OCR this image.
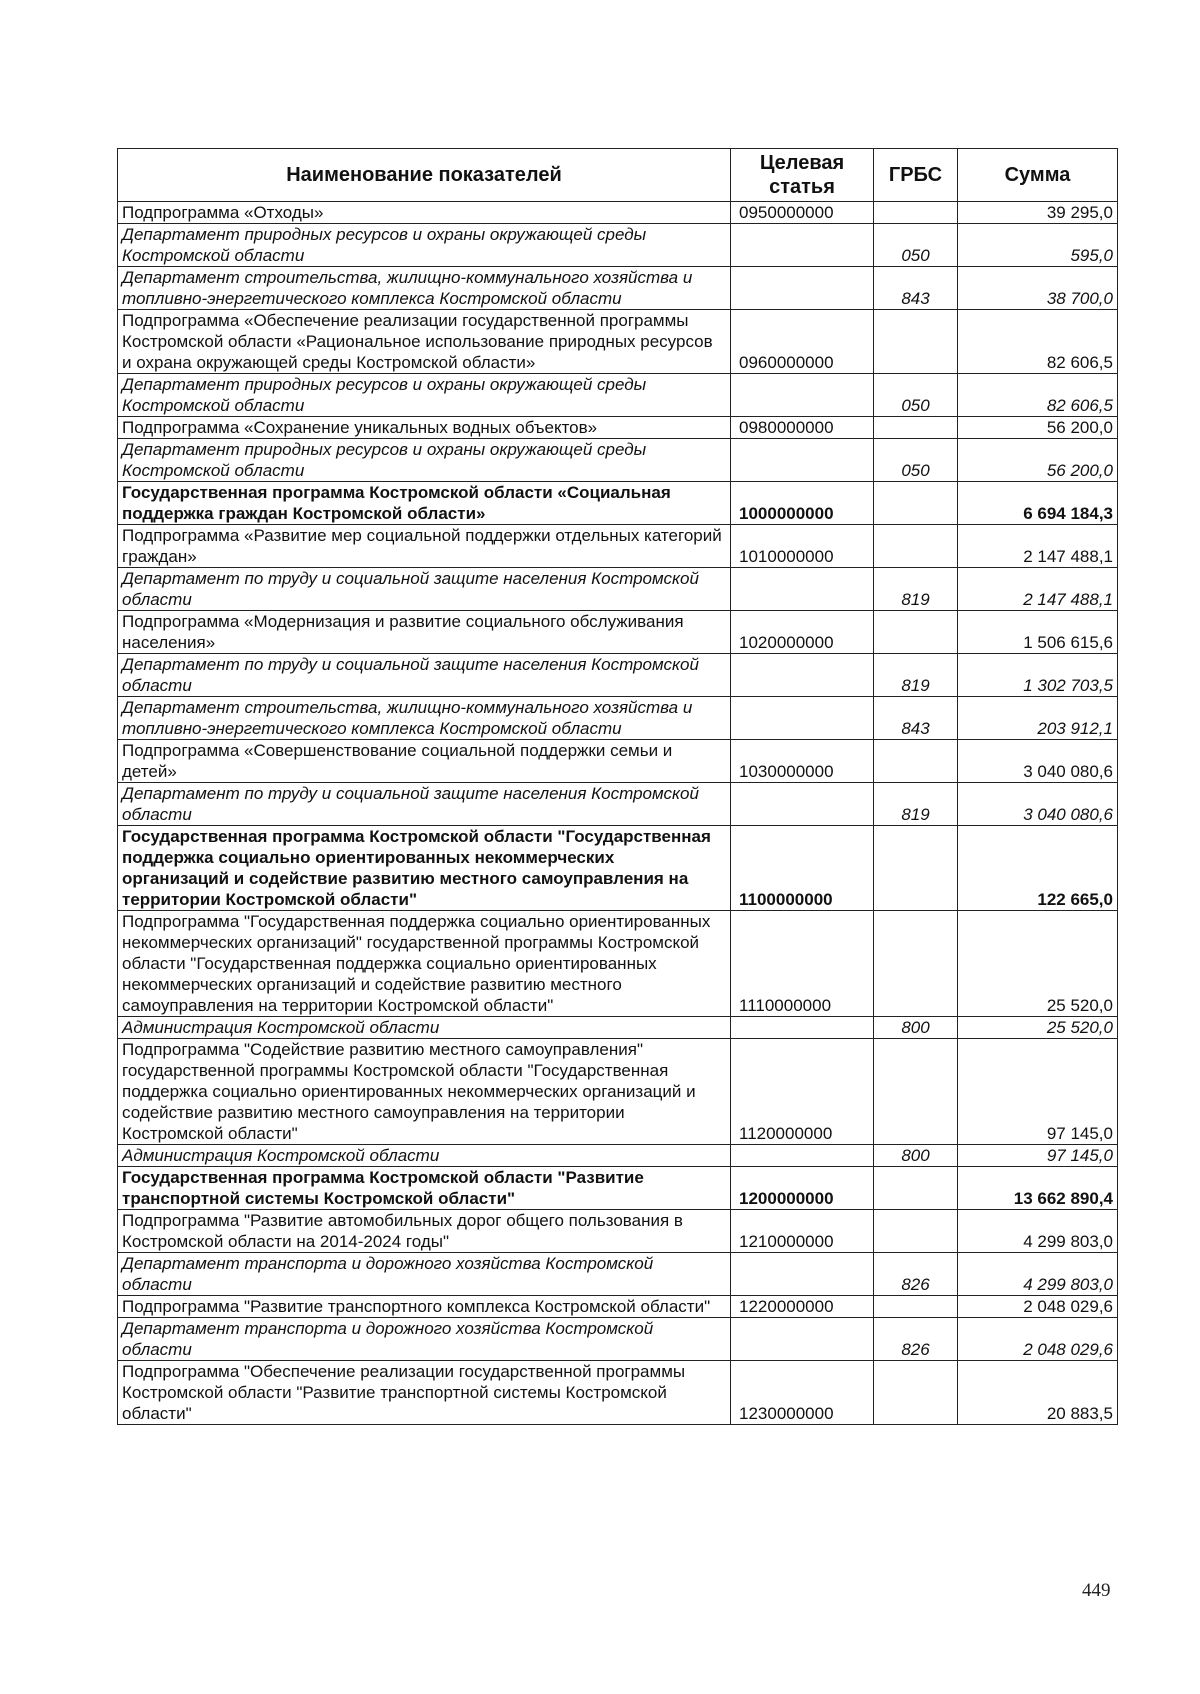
Наименование показателей	Целевая статья	ГРБС	Сумма
Подпрограмма «Отходы»	0950000000		39 295,0
Департамент природных ресурсов и охраны окружающей среды Костромской области		050	595,0
Департамент строительства, жилищно-коммунального хозяйства и топливно-энергетического комплекса Костромской области		843	38 700,0
Подпрограмма «Обеспечение реализации государственной программы Костромской области «Рациональное использование природных ресурсов и охрана окружающей среды Костромской области»	0960000000		82 606,5
Департамент природных ресурсов и охраны окружающей среды Костромской области		050	82 606,5
Подпрограмма «Сохранение уникальных водных объектов»	0980000000		56 200,0
Департамент природных ресурсов и охраны окружающей среды Костромской области		050	56 200,0
Государственная программа Костромской области «Социальная поддержка граждан Костромской области»	1000000000		6 694 184,3
Подпрограмма «Развитие мер социальной поддержки отдельных категорий граждан»	1010000000		2 147 488,1
Департамент по труду и социальной защите населения Костромской области		819	2 147 488,1
Подпрограмма «Модернизация и развитие социального обслуживания населения»	1020000000		1 506 615,6
Департамент по труду и социальной защите населения Костромской области		819	1 302 703,5
Департамент строительства, жилищно-коммунального хозяйства и топливно-энергетического комплекса Костромской области		843	203 912,1
Подпрограмма «Совершенствование социальной поддержки семьи и детей»	1030000000		3 040 080,6
Департамент по труду и социальной защите населения Костромской области		819	3 040 080,6
Государственная программа Костромской области "Государственная поддержка социально ориентированных некоммерческих организаций и содействие развитию местного самоуправления на территории Костромской области"	1100000000		122 665,0
Подпрограмма "Государственная поддержка социально ориентированных некоммерческих организаций" государственной программы Костромской области "Государственная поддержка социально ориентированных некоммерческих организаций и содействие развитию местного самоуправления на территории Костромской области"	1110000000		25 520,0
Администрация Костромской области		800	25 520,0
Подпрограмма "Содействие развитию местного самоуправления" государственной программы Костромской области "Государственная поддержка социально ориентированных некоммерческих организаций и содействие развитию местного самоуправления на территории Костромской области"	1120000000		97 145,0
Администрация Костромской области		800	97 145,0
Государственная программа Костромской области "Развитие транспортной системы Костромской области"	1200000000		13 662 890,4
Подпрограмма "Развитие автомобильных дорог общего пользования в Костромской области на 2014-2024 годы"	1210000000		4 299 803,0
Департамент транспорта и дорожного хозяйства Костромской области		826	4 299 803,0
Подпрограмма "Развитие транспортного комплекса Костромской области"	1220000000		2 048 029,6
Департамент транспорта и дорожного хозяйства Костромской области		826	2 048 029,6
Подпрограмма "Обеспечение реализации государственной программы Костромской области "Развитие транспортной системы Костромской области"	1230000000		20 883,5
449
